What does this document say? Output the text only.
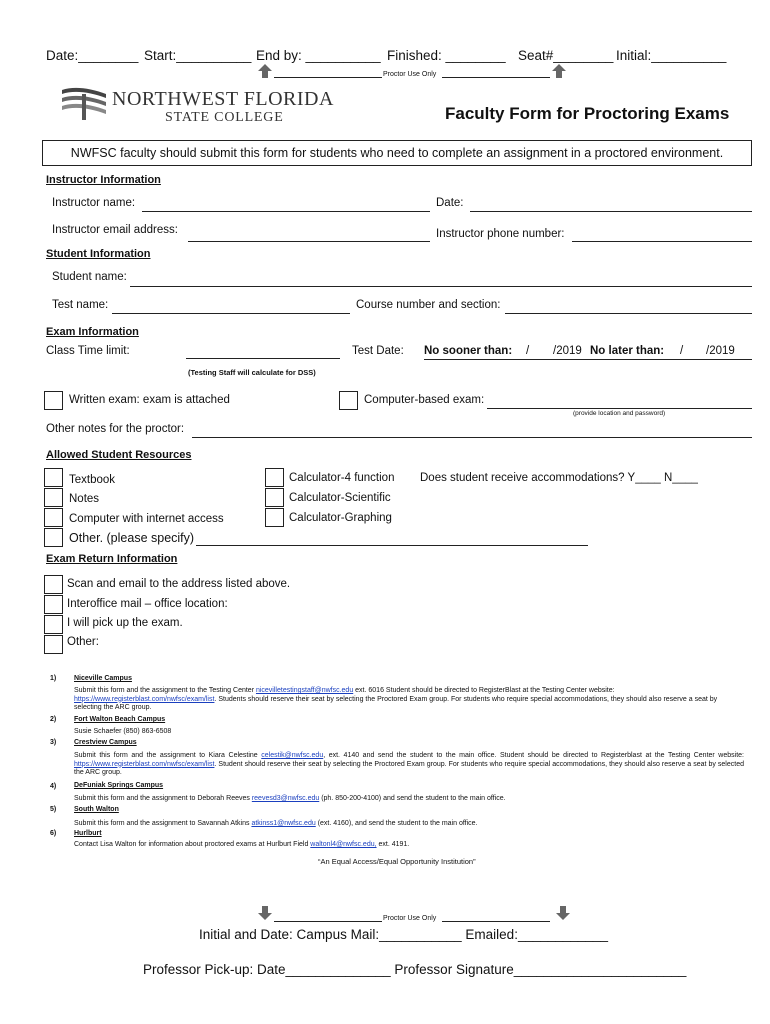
Date:________ Start:__________ End by: __________ Finished: ________ Seat#________ Initial:__________
Proctor Use Only
NORTHWEST FLORIDA
STATE COLLEGE	Faculty Form for Proctoring Exams
NWFSC faculty should submit this form for students who need to complete an assignment in a proctored environment.
Instructor Information
Instructor name:	Date:
Instructor email address:	Instructor phone number:
Student Information
Student name:
Test name:	Course number and section:
Exam Information
Class Time limit:	Test Date: No sooner than: / /2019 No later than: / /2019
(Testing Staff will calculate for DSS)
Written exam: exam is attached	Computer-based exam:
(provide location and password)
Other notes for the proctor:
Allowed Student Resources
Textbook
Notes
Computer with internet access
Other. (please specify)
Calculator-4 function
Calculator-Scientific
Calculator-Graphing
Does student receive accommodations? Y____ N____
Exam Return Information
Scan and email to the address listed above.
Interoffice mail – office location:
I will pick up the exam.
Other:
1)	Niceville Campus
Submit this form and the assignment to the Testing Center nicevilletestingstaff@nwfsc.edu ext. 6016 Student should be directed to RegisterBlast at the Testing Center website: https://www.registerblast.com/nwfsc/exam/list. Students should reserve their seat by selecting the Proctored Exam group. For students who require special accommodations, they should also reserve a seat by selecting the ARC group.
2)	Fort Walton Beach Campus
Susie Schaefer (850) 863-6508
3)	Crestview Campus
Submit this form and the assignment to Kiara Celestine celestik@nwfsc.edu, ext. 4140 and send the student to the main office. Student should be directed to Registerblast at the Testing Center website: https://www.registerblast.com/nwfsc/exam/list. Student should reserve their seat by selecting the Proctored Exam group. For students who require special accommodations, they should also reserve a seat by selected the ARC group.
4)	DeFuniak Springs Campus
Submit this form and the assignment to Deborah Reeves reevesd3@nwfsc.edu (ph. 850-200-4100) and send the student to the main office.
5)	South Walton
Submit this form and the assignment to Savannah Atkins atkinss1@nwfsc.edu (ext. 4160), and send the student to the main office.
6)	Hurlburt
Contact Lisa Walton for information about proctored exams at Hurlburt Field waltonl4@nwfsc.edu, ext. 4191.
“An Equal Access/Equal Opportunity Institution”
Proctor Use Only
Initial and Date: Campus Mail:___________ Emailed:____________
Professor Pick-up: Date______________ Professor Signature_______________________
